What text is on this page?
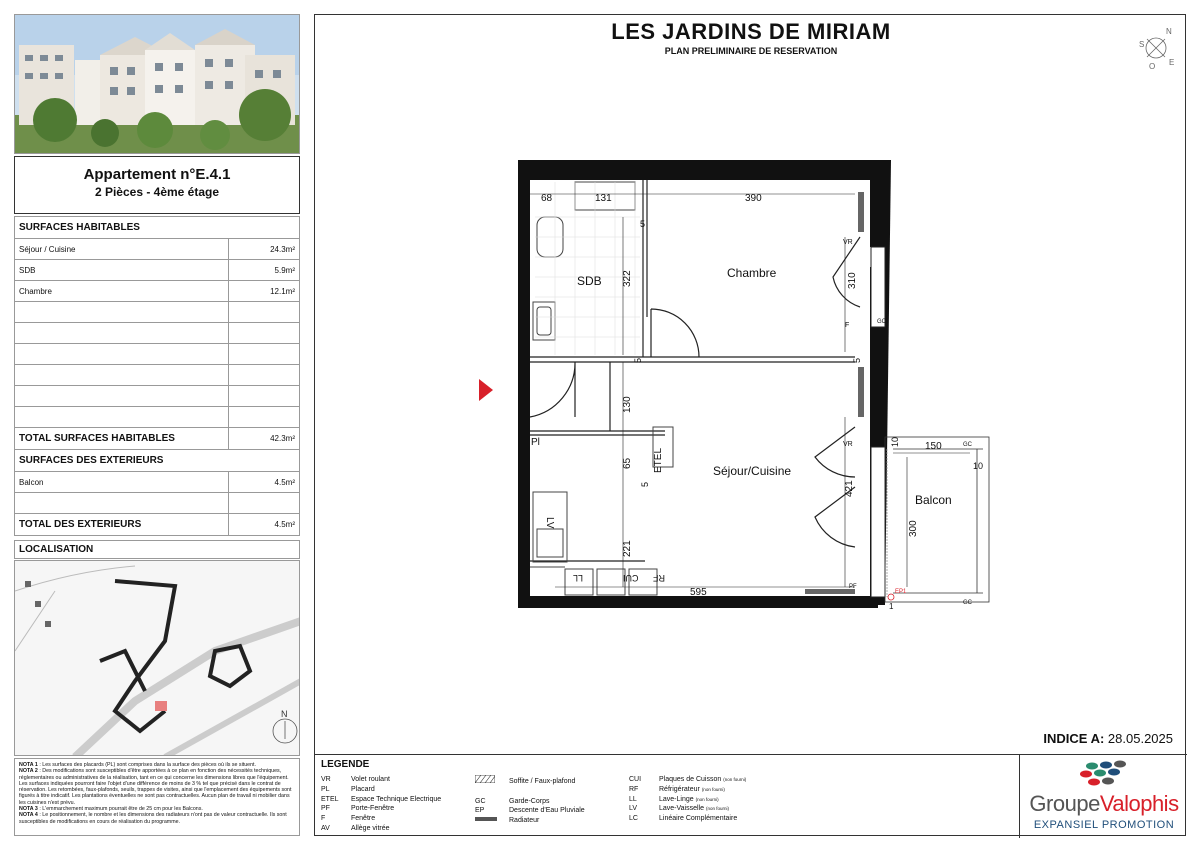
Appartement n°E.4.1
2 Pièces - 4ème étage
SURFACES HABITABLES	
Séjour / Cuisine	24.3m²
SDB	5.9m²
Chambre	12.1m²

TOTAL SURFACES HABITABLES	42.3m²
SURFACES DES EXTERIEURS	
Balcon	4.5m²

TOTAL DES EXTERIEURS	4.5m²
LOCALISATION
N

NOTA 1 : Les surfaces des placards (PL) sont comprises dans la surface des pièces où ils se situent.

NOTA 2 : Des modifications sont susceptibles d'être apportées à ce plan en fonction des nécessités techniques, réglementaires ou administratives de la réalisation, tant en ce qui concerne les dimensions libres que l'équipement. Les surfaces indiquées pourront faire l'objet d'une différence de moins de 3 % tel que précisé dans le contrat de réservation. Les retombées, faux-plafonds, seuils, trappes de visites, ainsi que l'emplacement des équipements sont figurés à titre indicatif. Les plantations éventuelles ne sont pas contractuelles. Aucun plan de travail ni mobilier dans les cuisines n'est prévu.

NOTA 3 : L'emmarchement maximum pourrait être de 25 cm pour les Balcons.

NOTA 4 : Le positionnement, le nombre et les dimensions des radiateurs n'ont pas de valeur contractuelle. Ils sont susceptibles de modifications en cours de réalisation du programme.

LES JARDINS DE MIRIAM
PLAN PRELIMINAIRE DE RESERVATION
N
S
O E
SDB
Chambre
Séjour/Cuisine
Balcon
68	131	390
5
322	310
5	5
130
65
5	421
221
595
150
300
10
10
1
VR
VR
F	GC
GC
GC
Pl
ETEL
LV
LL	CUI RF
PF
EP1
INDICE A: 28.05.2025
LEGENDE
VR	Volet roulant
PL	Placard
ETEL Espace Technique Electrique
PF	Porte-Fenêtre
F	Fenêtre
AV	Allège vitrée
Soffite / Faux-plafond
GC	Garde-Corps
EP	Descente d'Eau Pluviale
Radiateur
CUI	Plaques de Cuisson (non fourni)
RF	Réfrigérateur (non fourni)
LL	Lave-Linge (non fourni)
LV	Lave-Vaisselle (non fourni)
LC	Linéaire Complémentaire
GroupeValophis
EXPANSIEL PROMOTION
